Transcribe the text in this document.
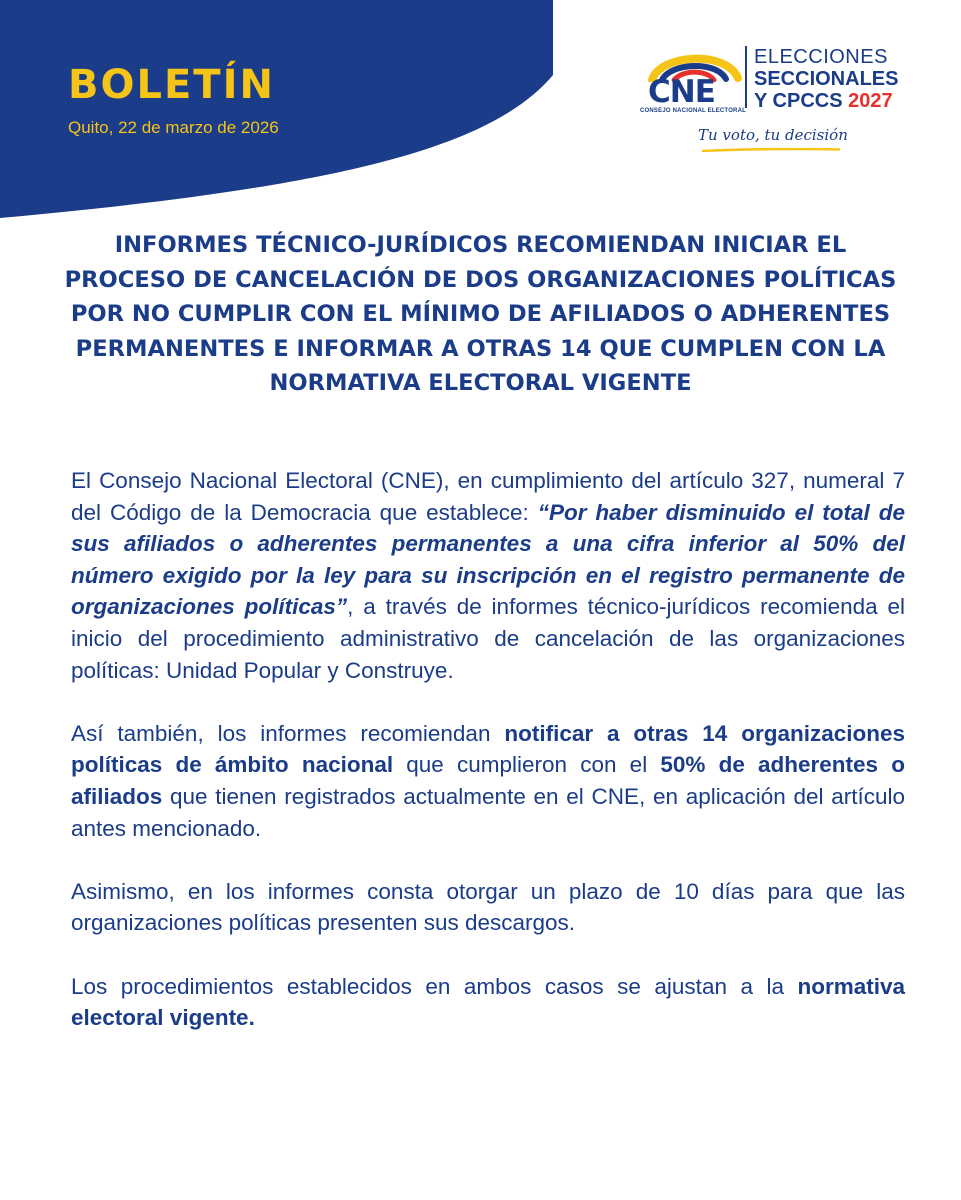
BOLETÍN
Quito, 22 de marzo de 2026
CNE
CONSEJO NACIONAL ELECTORAL
ELECCIONES
SECCIONALES
Y CPCCS 2027
Tu voto, tu decisión
INFORMES TÉCNICO-JURÍDICOS RECOMIENDAN INICIAR EL PROCESO DE CANCELACIÓN DE DOS ORGANIZACIONES POLÍTICAS POR NO CUMPLIR CON EL MÍNIMO DE AFILIADOS O ADHERENTES PERMANENTES E INFORMAR A OTRAS 14 QUE CUMPLEN CON LA NORMATIVA ELECTORAL VIGENTE

El Consejo Nacional Electoral (CNE), en cumplimiento del artículo 327, numeral 7 del Código de la Democracia que establece: “Por haber disminuido el total de sus afiliados o adherentes permanentes a una cifra inferior al 50% del número exigido por la ley para su inscripción en el registro permanente de organizaciones políticas”, a través de informes técnico-jurídicos recomienda el inicio del procedimiento administrativo de cancelación de las organizaciones políticas: Unidad Popular y Construye.

Así también, los informes recomiendan notificar a otras 14 organizaciones políticas de ámbito nacional que cumplieron con el 50% de adherentes o afiliados que tienen registrados actualmente en el CNE, en aplicación del artículo antes mencionado.

Asimismo, en los informes consta otorgar un plazo de 10 días para que las organizaciones políticas presenten sus descargos.

Los procedimientos establecidos en ambos casos se ajustan a la normativa electoral vigente.
